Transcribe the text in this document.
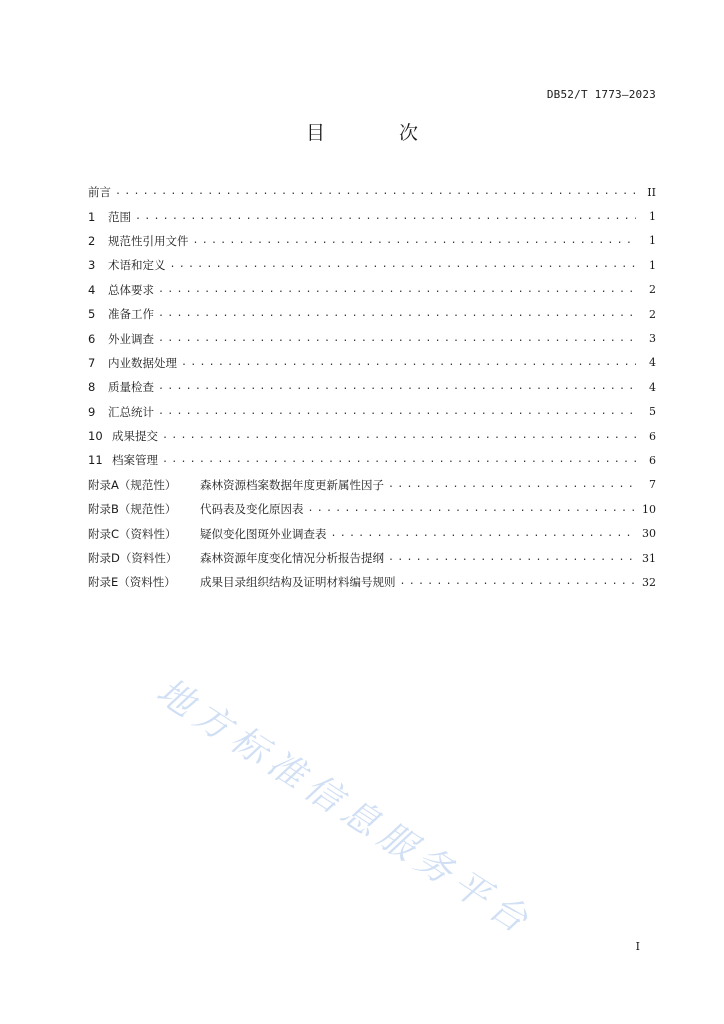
DB52/T 1773—2023
目 次
前言 .....	II
1	范围 .....	1
2	规范性引用文件 .....	1
3	术语和定义 .....	1
4	总体要求 .....	2
5	准备工作 .....	2
6	外业调查 .....	3
7	内业数据处理 .....	4
8	质量检查 .....	4
9	汇总统计 .....	5
10 成果提交 .....	6
11 档案管理 .....	6
附录A（规范性）	森林资源档案数据年度更新属性因子 .....	7
附录B（规范性）	代码表及变化原因表 .....	10
附录C（资料性）	疑似变化图斑外业调查表 .....	30
附录D（资料性）	森林资源年度变化情况分析报告提纲 .....	31
附录E（资料性）	成果目录组织结构及证明材料编号规则 .....	32
地方标准信息服务平台
I
